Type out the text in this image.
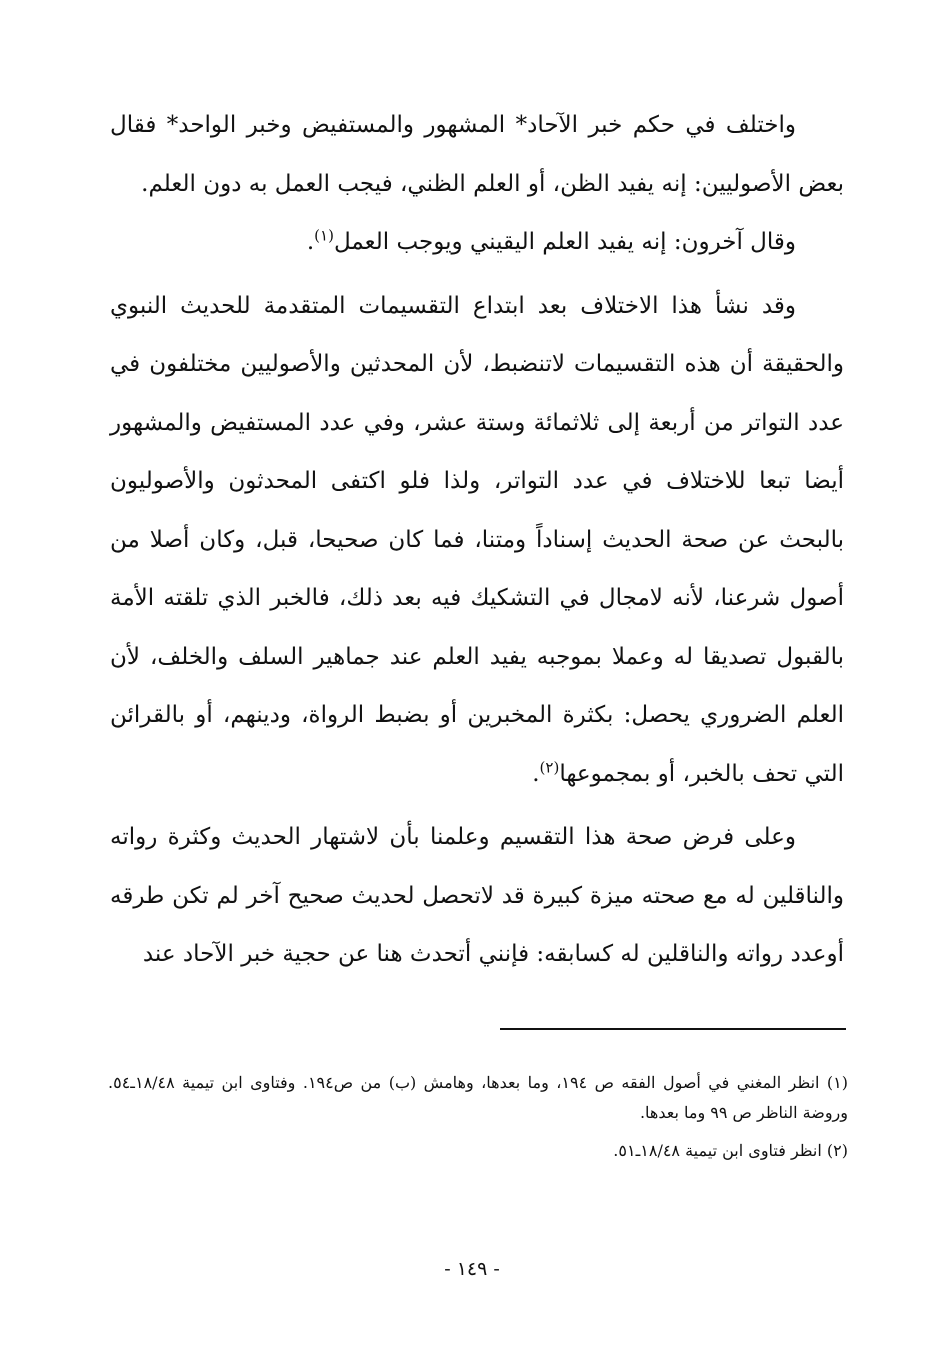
واختلف في حكم خبر الآحاد* المشهور والمستفيض وخبر الواحد* فقال بعض الأصوليين: إنه يفيد الظن، أو العلم الظني، فيجب العمل به دون العلم.

وقال آخرون: إنه يفيد العلم اليقيني ويوجب العمل$^{(١)}$.

وقد نشأ هذا الاختلاف بعد ابتداع التقسيمات المتقدمة للحديث النبوي والحقيقة أن هذه التقسيمات لاتنضبط، لأن المحدثين والأصوليين مختلفون في عدد التواتر من أربعة إلى ثلاثمائة وستة عشر، وفي عدد المستفيض والمشهور أيضا تبعا للاختلاف في عدد التواتر، ولذا فلو اكتفى المحدثون والأصوليون بالبحث عن صحة الحديث إسناداً ومتنا، فما كان صحيحا، قبل، وكان أصلا من أصول شرعنا، لأنه لامجال في التشكيك فيه بعد ذلك، فالخبر الذي تلقته الأمة بالقبول تصديقا له وعملا بموجبه يفيد العلم عند جماهير السلف والخلف، لأن العلم الضروري يحصل: بكثرة المخبرين أو بضبط الرواة، ودينهم، أو بالقرائن التي تحف بالخبر، أو بمجموعها$^{(٢)}$.

وعلى فرض صحة هذا التقسيم وعلمنا بأن لاشتهار الحديث وكثرة رواته والناقلين له مع صحته ميزة كبيرة قد لاتحصل لحديث صحيح آخر لم تكن طرقه أوعدد رواته والناقلين له كسابقه: فإنني أتحدث هنا عن حجية خبر الآحاد عند

(١) انظر المغني في أصول الفقه ص ١٩٤، وما بعدها، وهامش (ب) من ص١٩٤. وفتاوى ابن تيمية ١٨/٤٨ـ٥٤. وروضة الناظر ص ٩٩ وما بعدها.

(٢) انظر فتاوى ابن تيمية ١٨/٤٨ـ٥١.

- ١٤٩ -
